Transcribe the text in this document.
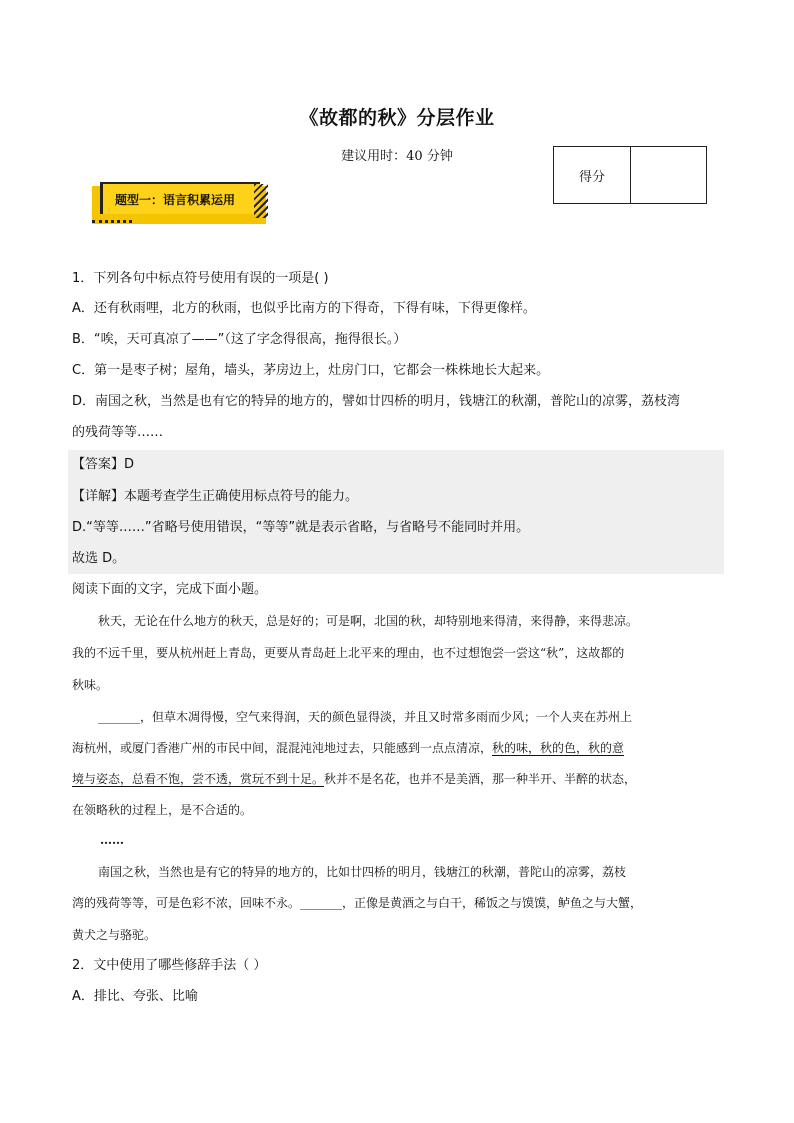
《故都的秋》分层作业
建议用时：40 分钟
得分
题型一：语言积累运用
1．下列各句中标点符号使用有误的一项是( )
A．还有秋雨哩，北方的秋雨，也似乎比南方的下得奇，下得有味，下得更像样。
B．“唉，天可真凉了——”（这了字念得很高，拖得很长。）
C．第一是枣子树；屋角，墙头，茅房边上，灶房门口，它都会一株株地长大起来。
D．南国之秋，当然是也有它的特异的地方的，譬如廿四桥的明月，钱塘江的秋潮，普陀山的凉雾，荔枝湾
的残荷等等……
【答案】D
【详解】本题考查学生正确使用标点符号的能力。
D.“等等……”省略号使用错误，“等等”就是表示省略，与省略号不能同时并用。
故选 D。
阅读下面的文字，完成下面小题。
秋天，无论在什么地方的秋天，总是好的；可是啊，北国的秋，却特别地来得清，来得静，来得悲凉。
我的不远千里，要从杭州赶上青岛，更要从青岛赶上北平来的理由，也不过想饱尝一尝这“秋”，这故都的
秋味。
_______，但草木凋得慢，空气来得润，天的颜色显得淡，并且又时常多雨而少风；一个人夹在苏州上
海杭州，或厦门香港广州的市民中间，混混沌沌地过去，只能感到一点点清凉，秋的味，秋的色，秋的意
境与姿态，总看不饱，尝不透，赏玩不到十足。秋并不是名花，也并不是美酒，那一种半开、半醉的状态，
在领略秋的过程上，是不合适的。
……
南国之秋，当然也是有它的特异的地方的，比如廿四桥的明月，钱塘江的秋潮，普陀山的凉雾，荔枝
湾的残荷等等，可是色彩不浓，回味不永。_______，正像是黄酒之与白干，稀饭之与馍馍，鲈鱼之与大蟹，
黄犬之与骆驼。
2．文中使用了哪些修辞手法（ ）
A．排比、夸张、比喻
